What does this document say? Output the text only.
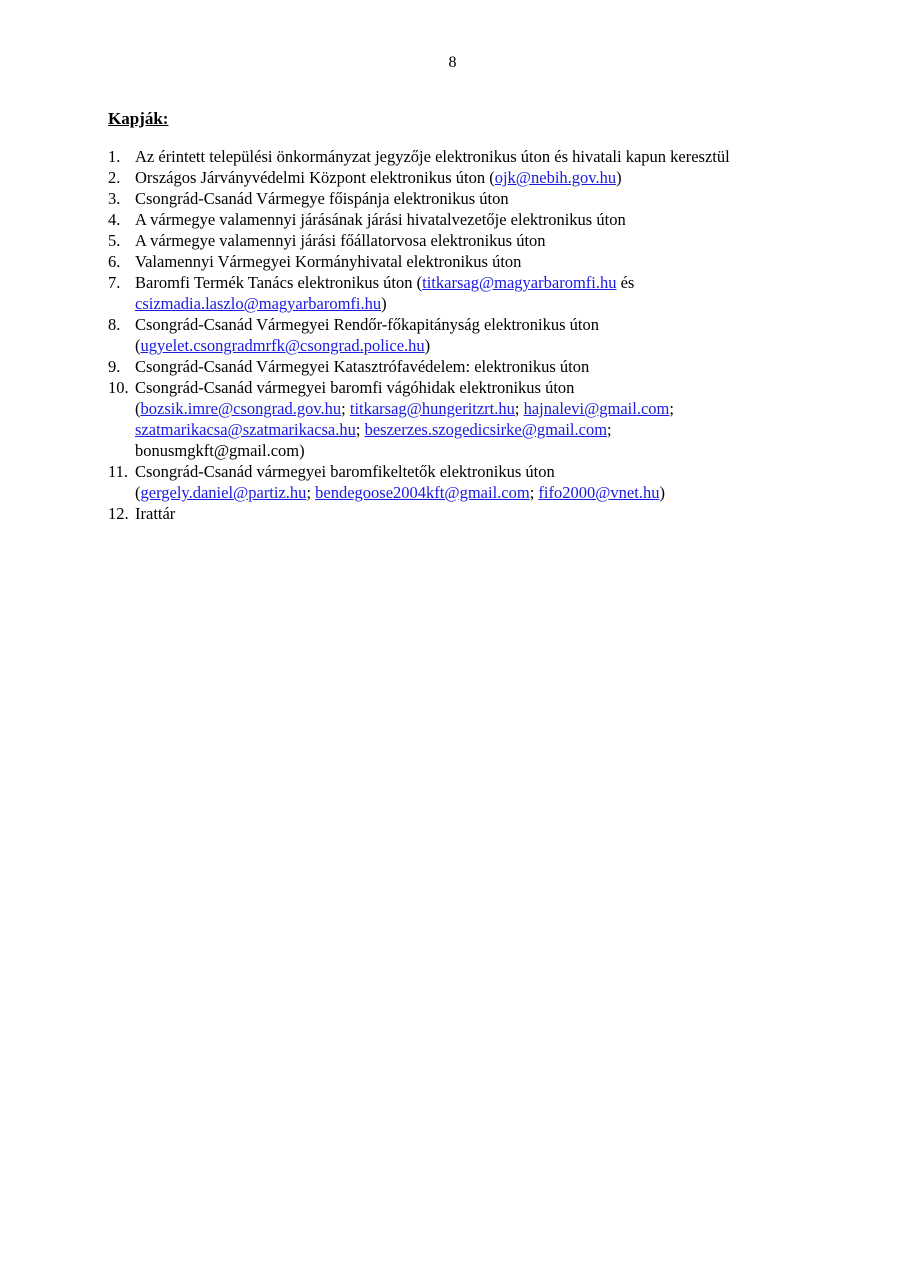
8
Kapják:
1. Az érintett települési önkormányzat jegyzője elektronikus úton és hivatali kapun keresztül
2. Országos Járványvédelmi Központ elektronikus úton (ojk@nebih.gov.hu)
3. Csongrád-Csanád Vármegye főispánja elektronikus úton
4. A vármegye valamennyi járásának járási hivatalvezetője elektronikus úton
5. A vármegye valamennyi járási főállatorvosa elektronikus úton
6. Valamennyi Vármegyei Kormányhivatal elektronikus úton
7. Baromfi Termék Tanács elektronikus úton (titkarsag@magyarbaromfi.hu és
csizmadia.laszlo@magyarbaromfi.hu)
8. Csongrád-Csanád Vármegyei Rendőr-főkapitányság elektronikus úton
(ugyelet.csongradmrfk@csongrad.police.hu)
9. Csongrád-Csanád Vármegyei Katasztrófavédelem: elektronikus úton
10. Csongrád-Csanád vármegyei baromfi vágóhidak elektronikus úton
(bozsik.imre@csongrad.gov.hu; titkarsag@hungeritzrt.hu; hajnalevi@gmail.com;
szatmarikacsa@szatmarikacsa.hu; beszerzes.szogedicsirke@gmail.com;
bonusmgkft@gmail.com)
11. Csongrád-Csanád vármegyei baromfikeltetők elektronikus úton
(gergely.daniel@partiz.hu; bendegoose2004kft@gmail.com; fifo2000@vnet.hu)
12. Irattár
